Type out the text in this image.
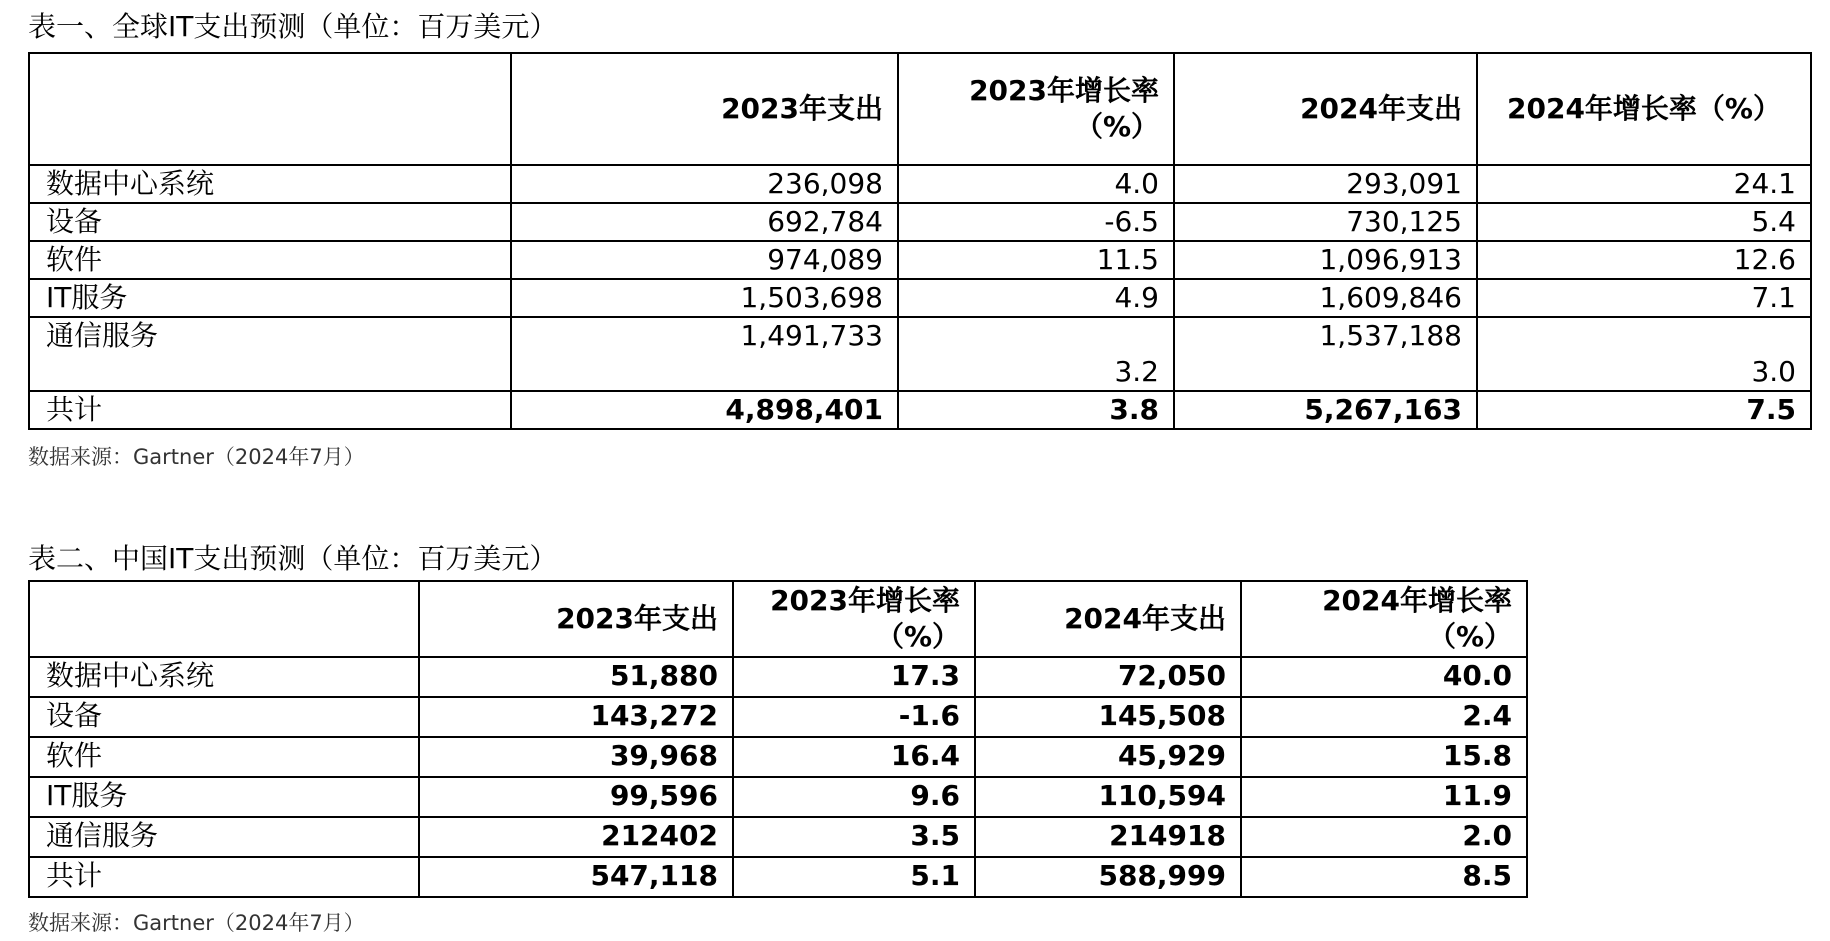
表一、全球IT支出预测（单位：百万美元）
	2023年支出	2023年增长率（%）	2024年支出	2024年增长率（%）
数据中心系统	236,098	4.0	293,091	24.1
设备	692,784	-6.5	730,125	5.4
软件	974,089	11.5	1,096,913	12.6
IT服务	1,503,698	4.9	1,609,846	7.1
通信服务	1,491,733	3.2	1,537,188	3.0
共计	4,898,401	3.8	5,267,163	7.5
数据来源：Gartner（2024年7月）
表二、中国IT支出预测（单位：百万美元）
	2023年支出	2023年增长率（%）	2024年支出	2024年增长率（%）
数据中心系统	51,880	17.3	72,050	40.0
设备	143,272	-1.6	145,508	2.4
软件	39,968	16.4	45,929	15.8
IT服务	99,596	9.6	110,594	11.9
通信服务	212402	3.5	214918	2.0
共计	547,118	5.1	588,999	8.5
数据来源：Gartner（2024年7月）
